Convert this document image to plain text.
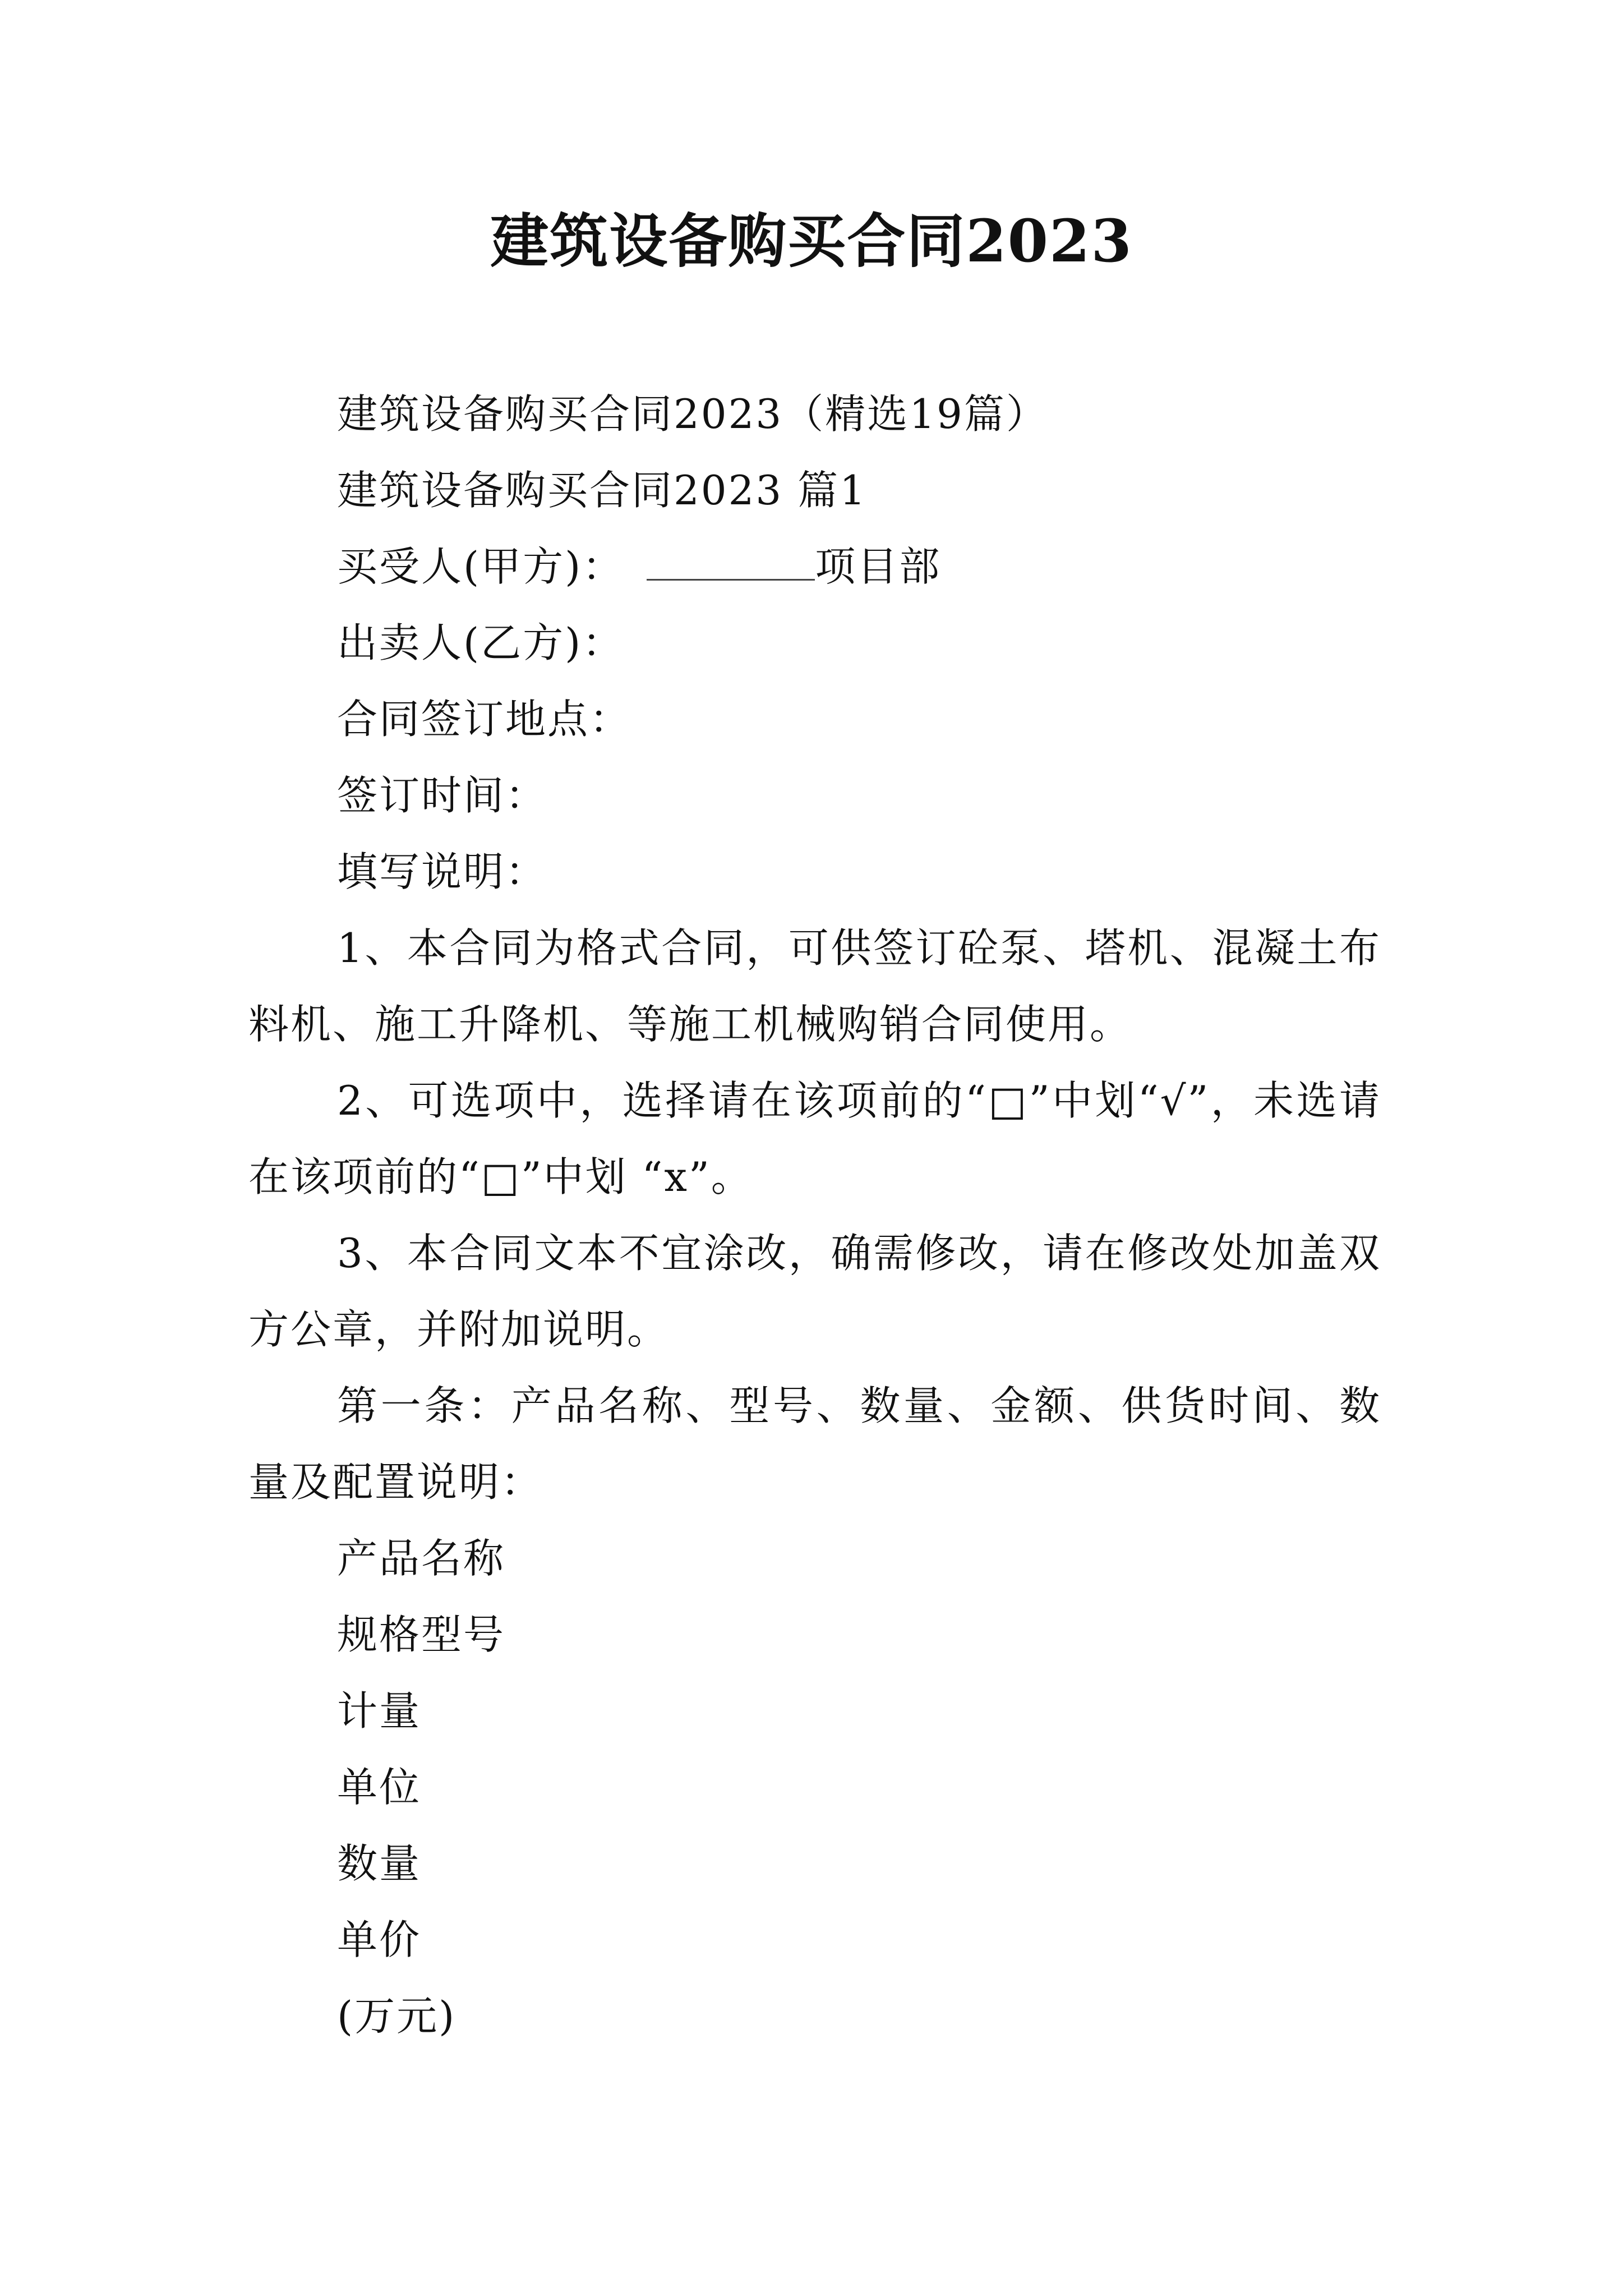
建筑设备购买合同2023

建筑设备购买合同2023（精选19篇）

建筑设备购买合同2023 篇1

买受人(甲方)：	项目部

出卖人(乙方)：

合同签订地点：

签订时间：

填写说明：

1、本合同为格式合同，可供签订砼泵、塔机、混凝土布料机、施工升降机、等施工机械购销合同使用。

2、可选项中，选择请在该项前的“□”中划“√”，未选请在该项前的“□”中划 “x”。

3、本合同文本不宜涂改，确需修改，请在修改处加盖双方公章，并附加说明。

第一条：产品名称、型号、数量、金额、供货时间、数量及配置说明：

产品名称

规格型号

计量

单位

数量

单价

(万元)
